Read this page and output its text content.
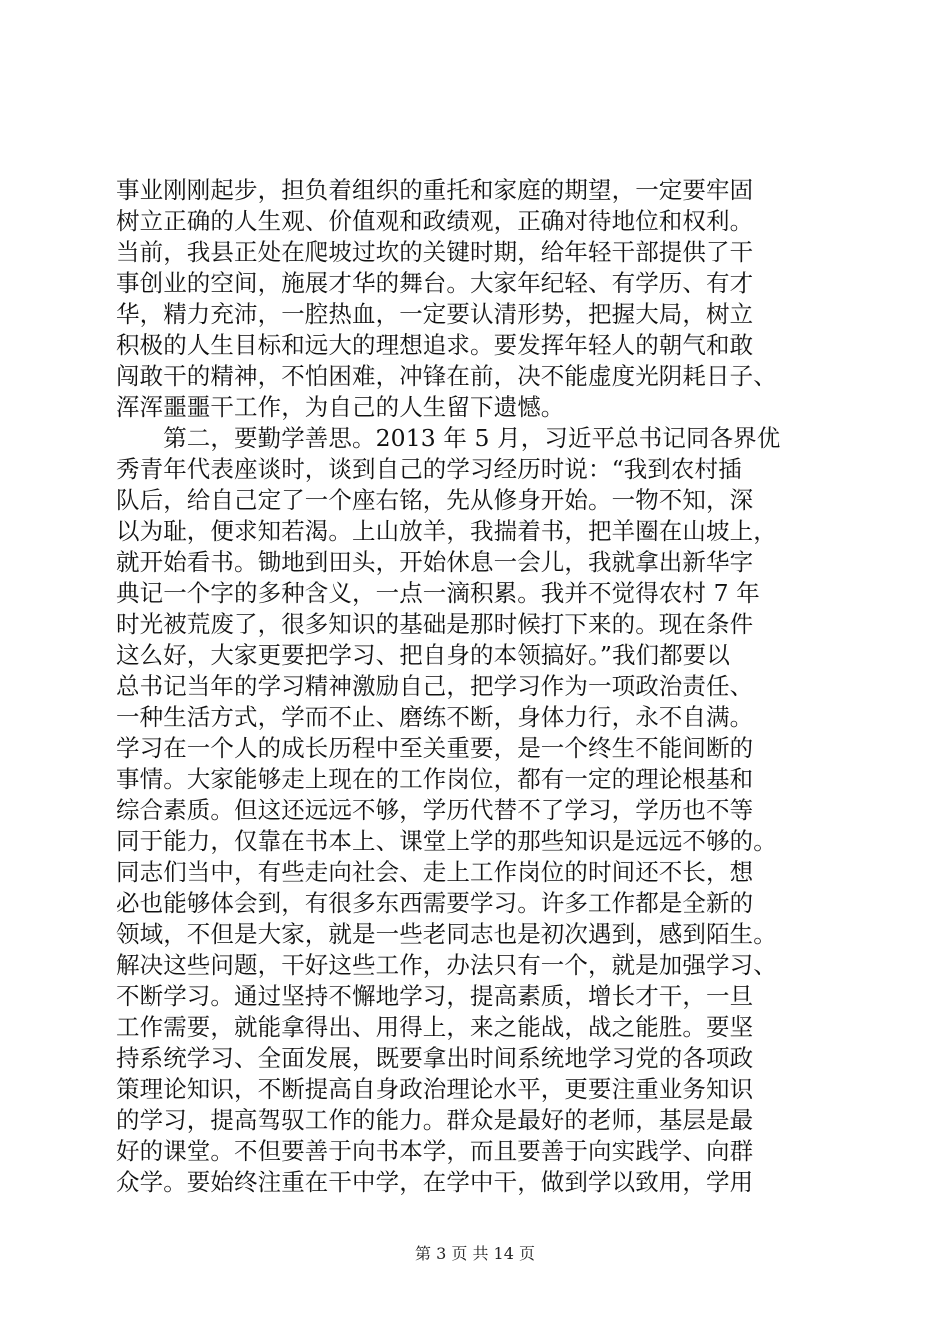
事业刚刚起步，担负着组织的重托和家庭的期望，一定要牢固
树立正确的人生观、价值观和政绩观，正确对待地位和权利。
当前，我县正处在爬坡过坎的关键时期，给年轻干部提供了干
事创业的空间，施展才华的舞台。大家年纪轻、有学历、有才
华，精力充沛，一腔热血，一定要认清形势，把握大局，树立
积极的人生目标和远大的理想追求。要发挥年轻人的朝气和敢
闯敢干的精神，不怕困难，冲锋在前，决不能虚度光阴耗日子、
浑浑噩噩干工作，为自己的人生留下遗憾。
　　第二，要勤学善思。2013 年 5 月，习近平总书记同各界优
秀青年代表座谈时，谈到自己的学习经历时说：“我到农村插
队后，给自己定了一个座右铭，先从修身开始。一物不知，深
以为耻，便求知若渴。上山放羊，我揣着书，把羊圈在山坡上，
就开始看书。锄地到田头，开始休息一会儿，我就拿出新华字
典记一个字的多种含义，一点一滴积累。我并不觉得农村 7 年
时光被荒废了，很多知识的基础是那时候打下来的。现在条件
这么好，大家更要把学习、把自身的本领搞好。”我们都要以
总书记当年的学习精神激励自己，把学习作为一项政治责任、
一种生活方式，学而不止、磨练不断，身体力行，永不自满。
学习在一个人的成长历程中至关重要，是一个终生不能间断的
事情。大家能够走上现在的工作岗位，都有一定的理论根基和
综合素质。但这还远远不够，学历代替不了学习，学历也不等
同于能力，仅靠在书本上、课堂上学的那些知识是远远不够的。
同志们当中，有些走向社会、走上工作岗位的时间还不长，想
必也能够体会到，有很多东西需要学习。许多工作都是全新的
领域，不但是大家，就是一些老同志也是初次遇到，感到陌生。
解决这些问题，干好这些工作，办法只有一个，就是加强学习、
不断学习。通过坚持不懈地学习，提高素质，增长才干，一旦
工作需要，就能拿得出、用得上，来之能战，战之能胜。要坚
持系统学习、全面发展，既要拿出时间系统地学习党的各项政
策理论知识，不断提高自身政治理论水平，更要注重业务知识
的学习，提高驾驭工作的能力。群众是最好的老师，基层是最
好的课堂。不但要善于向书本学，而且要善于向实践学、向群
众学。要始终注重在干中学，在学中干，做到学以致用，学用
第 3 页 共 14 页
